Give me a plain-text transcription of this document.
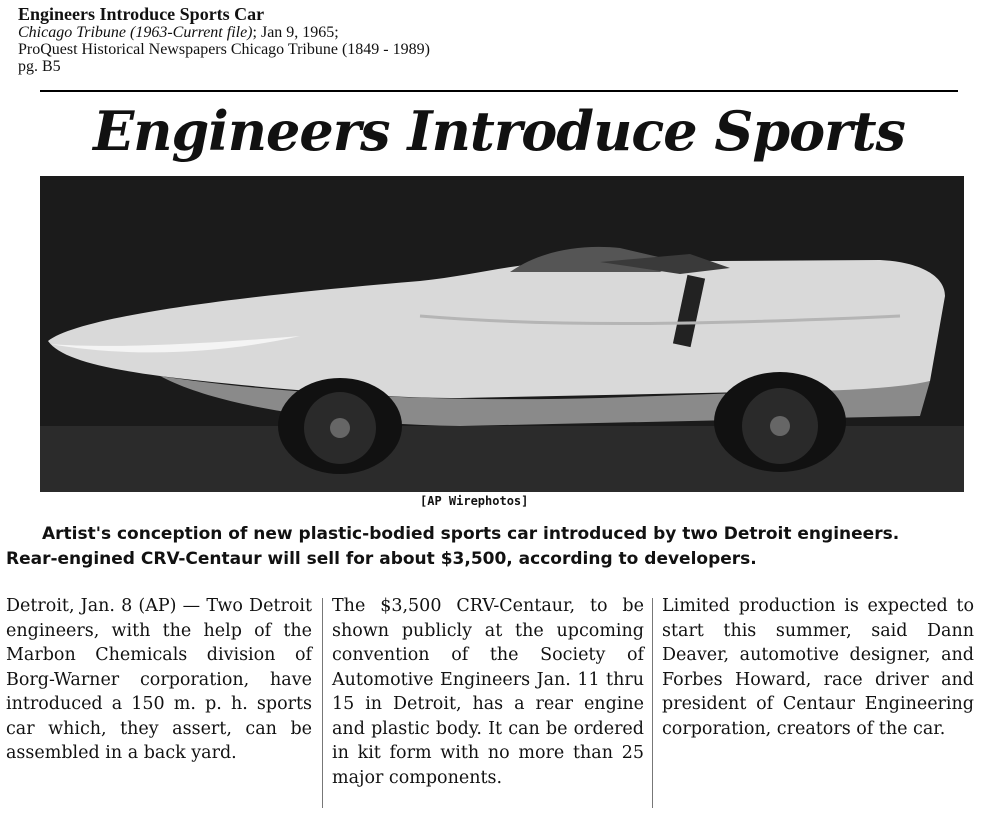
Engineers Introduce Sports Car
Chicago Tribune (1963-Current file); Jan 9, 1965;
ProQuest Historical Newspapers Chicago Tribune (1849 - 1989)
pg. B5
Engineers Introduce Sports
[AP Wirephotos]
Artist's conception of new plastic-bodied sports car introduced by two Detroit engineers.
Rear-engined CRV-Centaur will sell for about $3,500, according to developers.
Detroit, Jan. 8 (AP) — Two Detroit engineers, with the help of the Marbon Chemicals division of Borg-Warner corporation, have introduced a 150 m. p. h. sports car which, they assert, can be assembled in a back yard.
The $3,500 CRV-Centaur, to be shown publicly at the upcoming convention of the Society of Automotive Engineers Jan. 11 thru 15 in Detroit, has a rear engine and plastic body. It can be ordered in kit form with no more than 25 major components.
Limited production is expected to start this summer, said Dann Deaver, automotive designer, and Forbes Howard, race driver and president of Centaur Engineering corporation, creators of the car.
